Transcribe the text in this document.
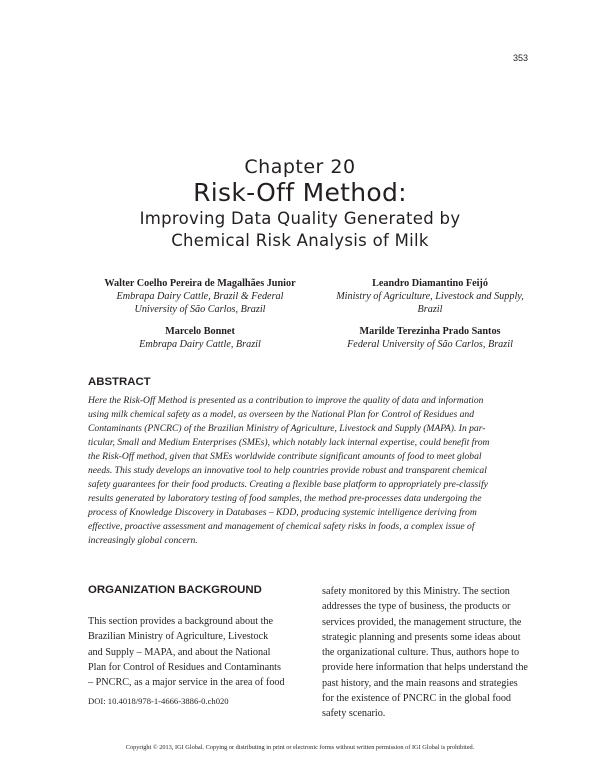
353
Chapter 20
Risk-Off Method:
Improving Data Quality Generated by
Chemical Risk Analysis of Milk
Walter Coelho Pereira de Magalhães Junior
Embrapa Dairy Cattle, Brazil & Federal
University of São Carlos, Brazil
Leandro Diamantino Feijó
Ministry of Agriculture, Livestock and Supply,
Brazil
Marcelo Bonnet
Embrapa Dairy Cattle, Brazil
Marilde Terezinha Prado Santos
Federal University of São Carlos, Brazil
ABSTRACT
Here the Risk-Off Method is presented as a contribution to improve the quality of data and information
using milk chemical safety as a model, as overseen by the National Plan for Control of Residues and
Contaminants (PNCRC) of the Brazilian Ministry of Agriculture, Livestock and Supply (MAPA). In par-
ticular, Small and Medium Enterprises (SMEs), which notably lack internal expertise, could benefit from
the Risk-Off method, given that SMEs worldwide contribute significant amounts of food to meet global
needs. This study develops an innovative tool to help countries provide robust and transparent chemical
safety guarantees for their food products. Creating a flexible base platform to appropriately pre-classify
results generated by laboratory testing of food samples, the method pre-processes data undergoing the
process of Knowledge Discovery in Databases – KDD, producing systemic intelligence deriving from
effective, proactive assessment and management of chemical safety risks in foods, a complex issue of
increasingly global concern.
ORGANIZATION BACKGROUND
This section provides a background about the
Brazilian Ministry of Agriculture, Livestock
and Supply – MAPA, and about the National
Plan for Control of Residues and Contaminants
– PNCRC, as a major service in the area of food
safety monitored by this Ministry. The section
addresses the type of business, the products or
services provided, the management structure, the
strategic planning and presents some ideas about
the organizational culture. Thus, authors hope to
provide here information that helps understand the
past history, and the main reasons and strategies
for the existence of PNCRC in the global food
safety scenario.
DOI: 10.4018/978-1-4666-3886-0.ch020
Copyright © 2013, IGI Global. Copying or distributing in print or electronic forms without written permission of IGI Global is prohibited.
